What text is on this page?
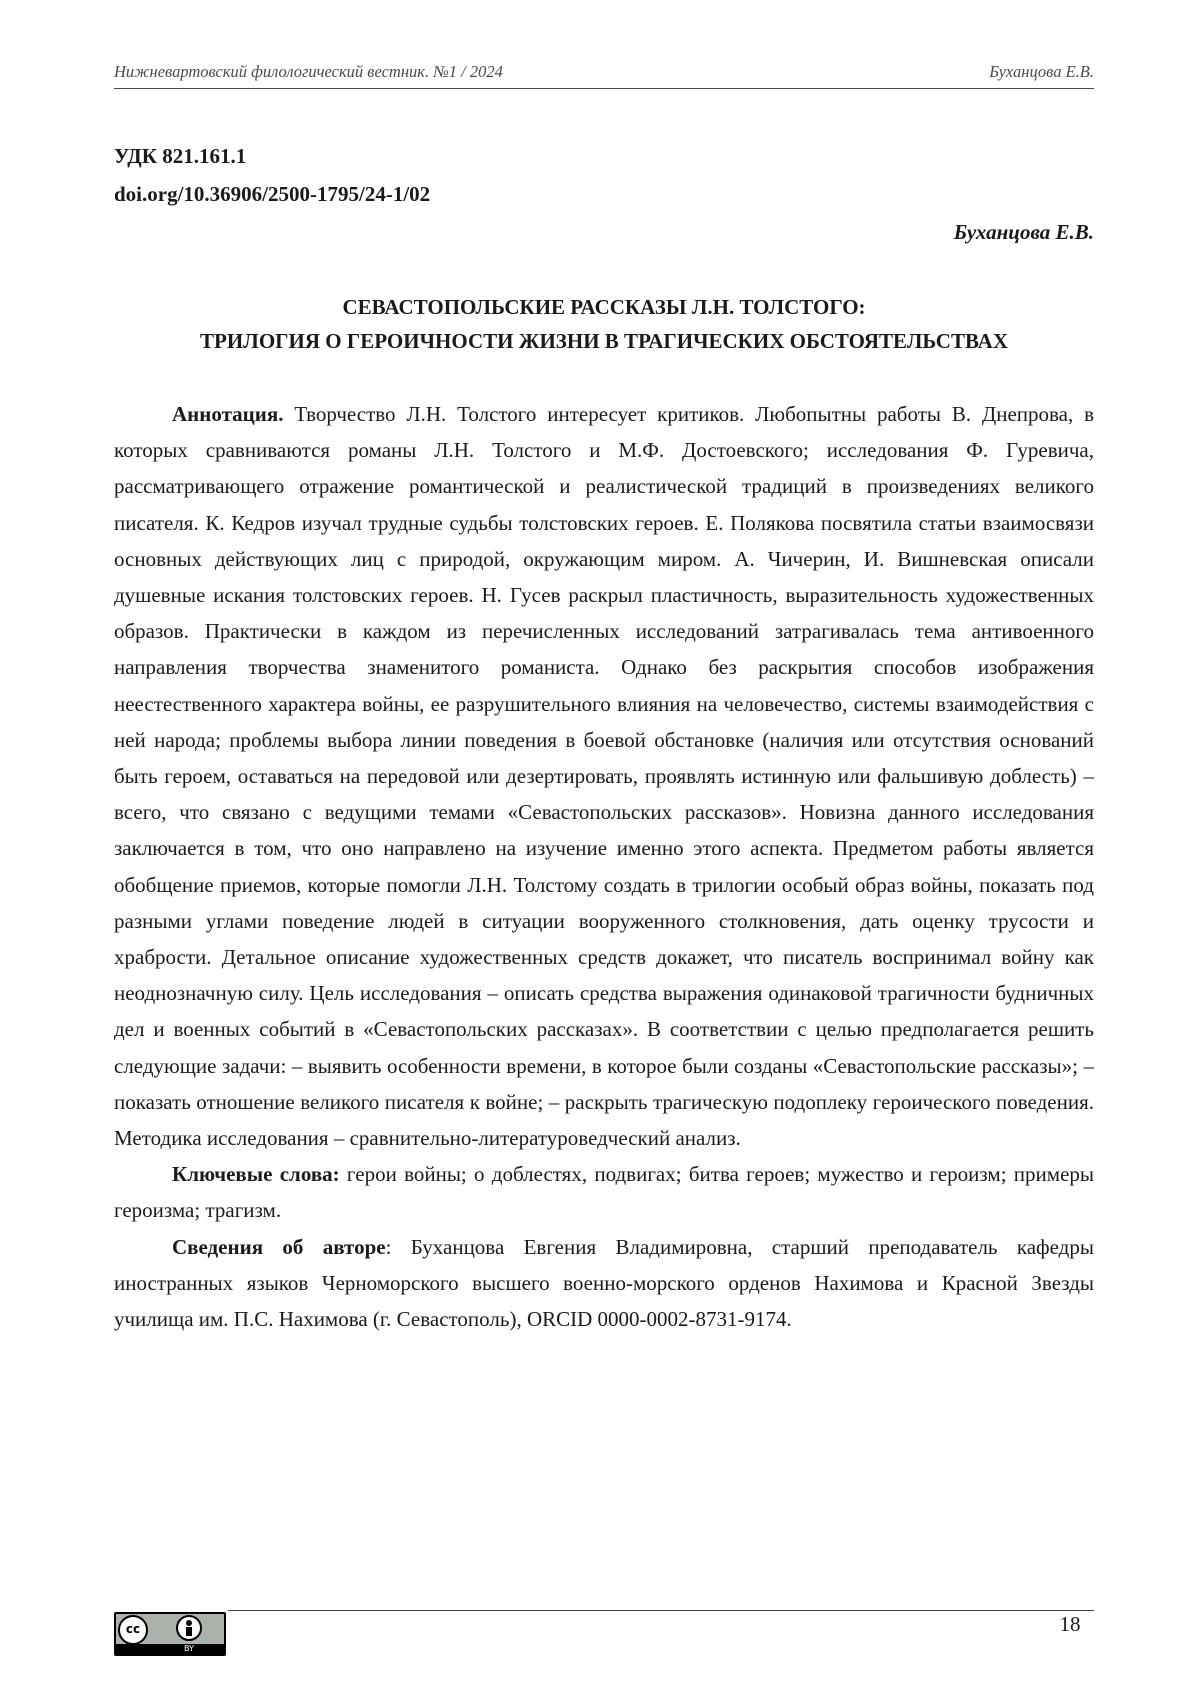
Нижневартовский филологический вестник. №1 / 2024	Буханцова Е.В.
УДК 821.161.1
doi.org/10.36906/2500-1795/24-1/02
Буханцова Е.В.
СЕВАСТОПОЛЬСКИЕ РАССКАЗЫ Л.Н. ТОЛСТОГО:
ТРИЛОГИЯ О ГЕРОИЧНОСТИ ЖИЗНИ В ТРАГИЧЕСКИХ ОБСТОЯТЕЛЬСТВАХ

Аннотация. Творчество Л.Н. Толстого интересует критиков. Любопытны работы В. Днепрова, в которых сравниваются романы Л.Н. Толстого и М.Ф. Достоевского; исследования Ф. Гуревича, рассматривающего отражение романтической и реалистической традиций в произведениях великого писателя. К. Кедров изучал трудные судьбы толстовских героев. Е. Полякова посвятила статьи взаимосвязи основных действующих лиц с природой, окружающим миром. А. Чичерин, И. Вишневская описали душевные искания толстовских героев. Н. Гусев раскрыл пластичность, выразительность художественных образов. Практически в каждом из перечисленных исследований затрагивалась тема антивоенного направления творчества знаменитого романиста. Однако без раскрытия способов изображения неестественного характера войны, ее разрушительного влияния на человечество, системы взаимодействия с ней народа; проблемы выбора линии поведения в боевой обстановке (наличия или отсутствия оснований быть героем, оставаться на передовой или дезертировать, проявлять истинную или фальшивую доблесть) – всего, что связано с ведущими темами «Севастопольских рассказов». Новизна данного исследования заключается в том, что оно направлено на изучение именно этого аспекта. Предметом работы является обобщение приемов, которые помогли Л.Н. Толстому создать в трилогии особый образ войны, показать под разными углами поведение людей в ситуации вооруженного столкновения, дать оценку трусости и храбрости. Детальное описание художественных средств докажет, что писатель воспринимал войну как неоднозначную силу. Цель исследования – описать средства выражения одинаковой трагичности будничных дел и военных событий в «Севастопольских рассказах». В соответствии с целью предполагается решить следующие задачи: – выявить особенности времени, в которое были созданы «Севастопольские рассказы»; – показать отношение великого писателя к войне; – раскрыть трагическую подоплеку героического поведения. Методика исследования – сравнительно-литературоведческий анализ.

Ключевые слова: герои войны; о доблестях, подвигах; битва героев; мужество и героизм; примеры героизма; трагизм.

Сведения об авторе: Буханцова Евгения Владимировна, старший преподаватель кафедры иностранных языков Черноморского высшего военно-морского орденов Нахимова и Красной Звезды училища им. П.С. Нахимова (г. Севастополь), ORCID 0000-0002-8731-9174.

cc
BY
18
